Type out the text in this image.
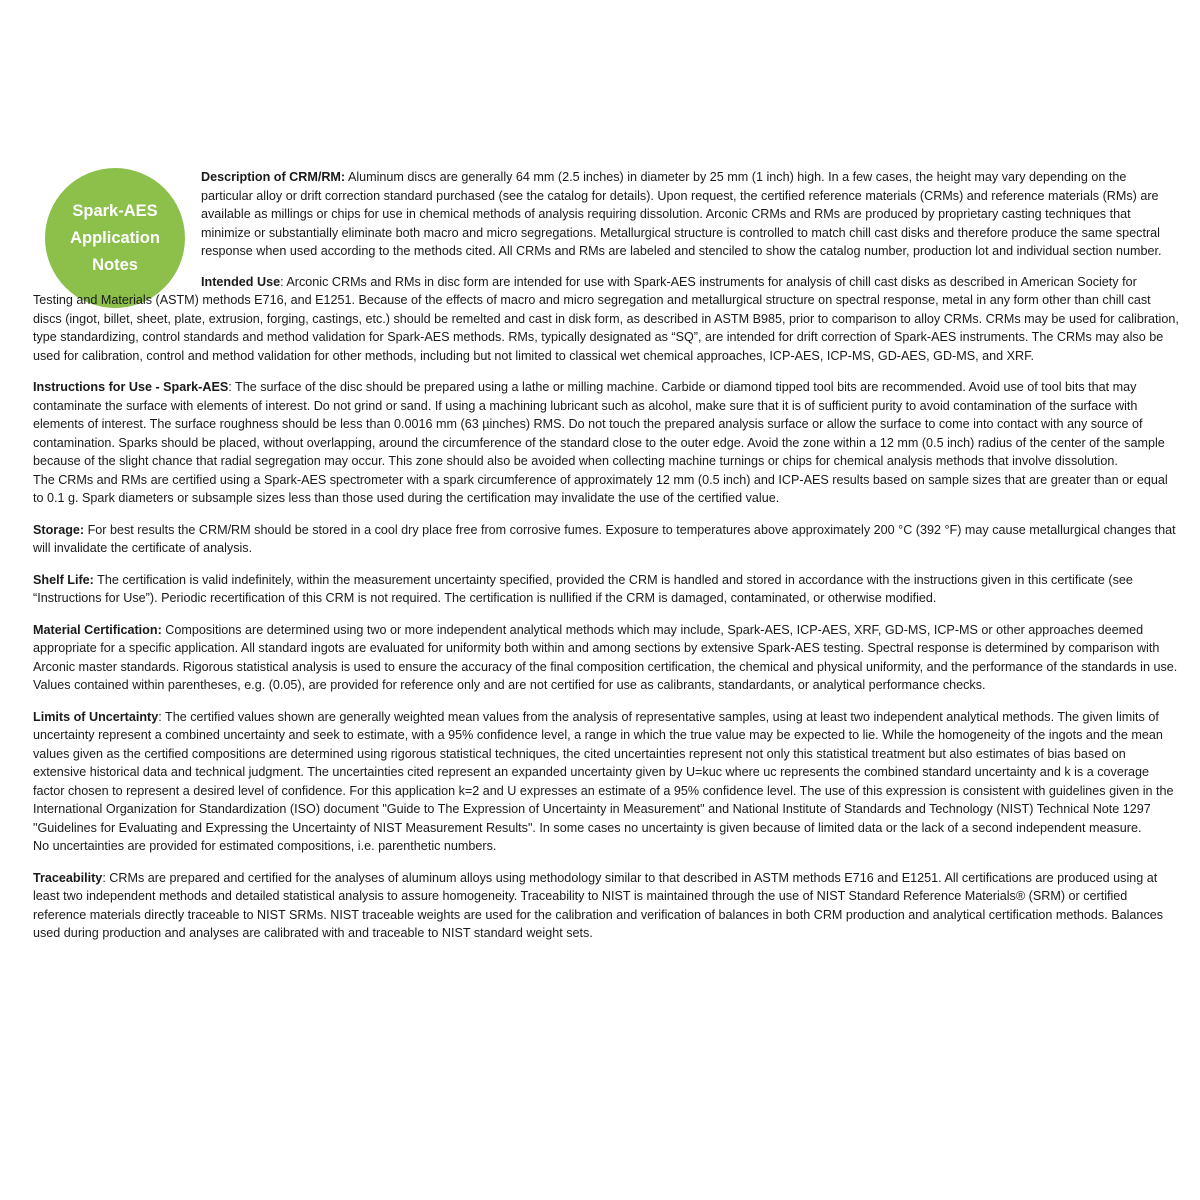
Spark-AES
Application
Notes

Description of CRM/RM: Aluminum discs are generally 64 mm (2.5 inches) in diameter by 25 mm (1 inch) high. In a few cases, the height may vary depending on the particular alloy or drift correction standard purchased (see the catalog for details). Upon request, the certified reference materials (CRMs) and reference materials (RMs) are available as millings or chips for use in chemical methods of analysis requiring dissolution. Arconic CRMs and RMs are produced by proprietary casting techniques that minimize or substantially eliminate both macro and micro segregations. Metallurgical structure is controlled to match chill cast disks and therefore produce the same spectral response when used according to the methods cited. All CRMs and RMs are labeled and stenciled to show the catalog number, production lot and individual section number.

Intended Use: Arconic CRMs and RMs in disc form are intended for use with Spark-AES instruments for analysis of chill cast disks as described in American Society for Testing and Materials (ASTM) methods E716, and E1251. Because of the effects of macro and micro segregation and metallurgical structure on spectral response, metal in any form other than chill cast discs (ingot, billet, sheet, plate, extrusion, forging, castings, etc.) should be remelted and cast in disk form, as described in ASTM B985, prior to comparison to alloy CRMs. CRMs may be used for calibration, type standardizing, control standards and method validation for Spark-AES methods. RMs, typically designated as “SQ”, are intended for drift correction of Spark-AES instruments. The CRMs may also be used for calibration, control and method validation for other methods, including but not limited to classical wet chemical approaches, ICP-AES, ICP-MS, GD-AES, GD-MS, and XRF.

Instructions for Use - Spark-AES: The surface of the disc should be prepared using a lathe or milling machine. Carbide or diamond tipped tool bits are recommended. Avoid use of tool bits that may contaminate the surface with elements of interest. Do not grind or sand. If using a machining lubricant such as alcohol, make sure that it is of sufficient purity to avoid contamination of the surface with elements of interest. The surface roughness should be less than 0.0016 mm (63 µinches) RMS. Do not touch the prepared analysis surface or allow the surface to come into contact with any source of contamination. Sparks should be placed, without overlapping, around the circumference of the standard close to the outer edge. Avoid the zone within a 12 mm (0.5 inch) radius of the center of the sample because of the slight chance that radial segregation may occur. This zone should also be avoided when collecting machine turnings or chips for chemical analysis methods that involve dissolution.
The CRMs and RMs are certified using a Spark-AES spectrometer with a spark circumference of approximately 12 mm (0.5 inch) and ICP-AES results based on sample sizes that are greater than or equal to 0.1 g. Spark diameters or subsample sizes less than those used during the certification may invalidate the use of the certified value.

Storage: For best results the CRM/RM should be stored in a cool dry place free from corrosive fumes. Exposure to temperatures above approximately 200 °C (392 °F) may cause metallurgical changes that will invalidate the certificate of analysis.

Shelf Life: The certification is valid indefinitely, within the measurement uncertainty specified, provided the CRM is handled and stored in accordance with the instructions given in this certificate (see “Instructions for Use”). Periodic recertification of this CRM is not required. The certification is nullified if the CRM is damaged, contaminated, or otherwise modified.

Material Certification: Compositions are determined using two or more independent analytical methods which may include, Spark-AES, ICP-AES, XRF, GD-MS, ICP-MS or other approaches deemed appropriate for a specific application. All standard ingots are evaluated for uniformity both within and among sections by extensive Spark-AES testing. Spectral response is determined by comparison with Arconic master standards. Rigorous statistical analysis is used to ensure the accuracy of the final composition certification, the chemical and physical uniformity, and the performance of the standards in use. Values contained within parentheses, e.g. (0.05), are provided for reference only and are not certified for use as calibrants, standardants, or analytical performance checks.

Limits of Uncertainty: The certified values shown are generally weighted mean values from the analysis of representative samples, using at least two independent analytical methods. The given limits of uncertainty represent a combined uncertainty and seek to estimate, with a 95% confidence level, a range in which the true value may be expected to lie. While the homogeneity of the ingots and the mean values given as the certified compositions are determined using rigorous statistical techniques, the cited uncertainties represent not only this statistical treatment but also estimates of bias based on extensive historical data and technical judgment. The uncertainties cited represent an expanded uncertainty given by U=kuc where uc represents the combined standard uncertainty and k is a coverage factor chosen to represent a desired level of confidence. For this application k=2 and U expresses an estimate of a 95% confidence level. The use of this expression is consistent with guidelines given in the International Organization for Standardization (ISO) document "Guide to The Expression of Uncertainty in Measurement" and National Institute of Standards and Technology (NIST) Technical Note 1297 "Guidelines for Evaluating and Expressing the Uncertainty of NIST Measurement Results". In some cases no uncertainty is given because of limited data or the lack of a second independent measure.
No uncertainties are provided for estimated compositions, i.e. parenthetic numbers.

Traceability: CRMs are prepared and certified for the analyses of aluminum alloys using methodology similar to that described in ASTM methods E716 and E1251. All certifications are produced using at least two independent methods and detailed statistical analysis to assure homogeneity. Traceability to NIST is maintained through the use of NIST Standard Reference Materials® (SRM) or certified reference materials directly traceable to NIST SRMs. NIST traceable weights are used for the calibration and verification of balances in both CRM production and analytical certification methods. Balances used during production and analyses are calibrated with and traceable to NIST standard weight sets.
